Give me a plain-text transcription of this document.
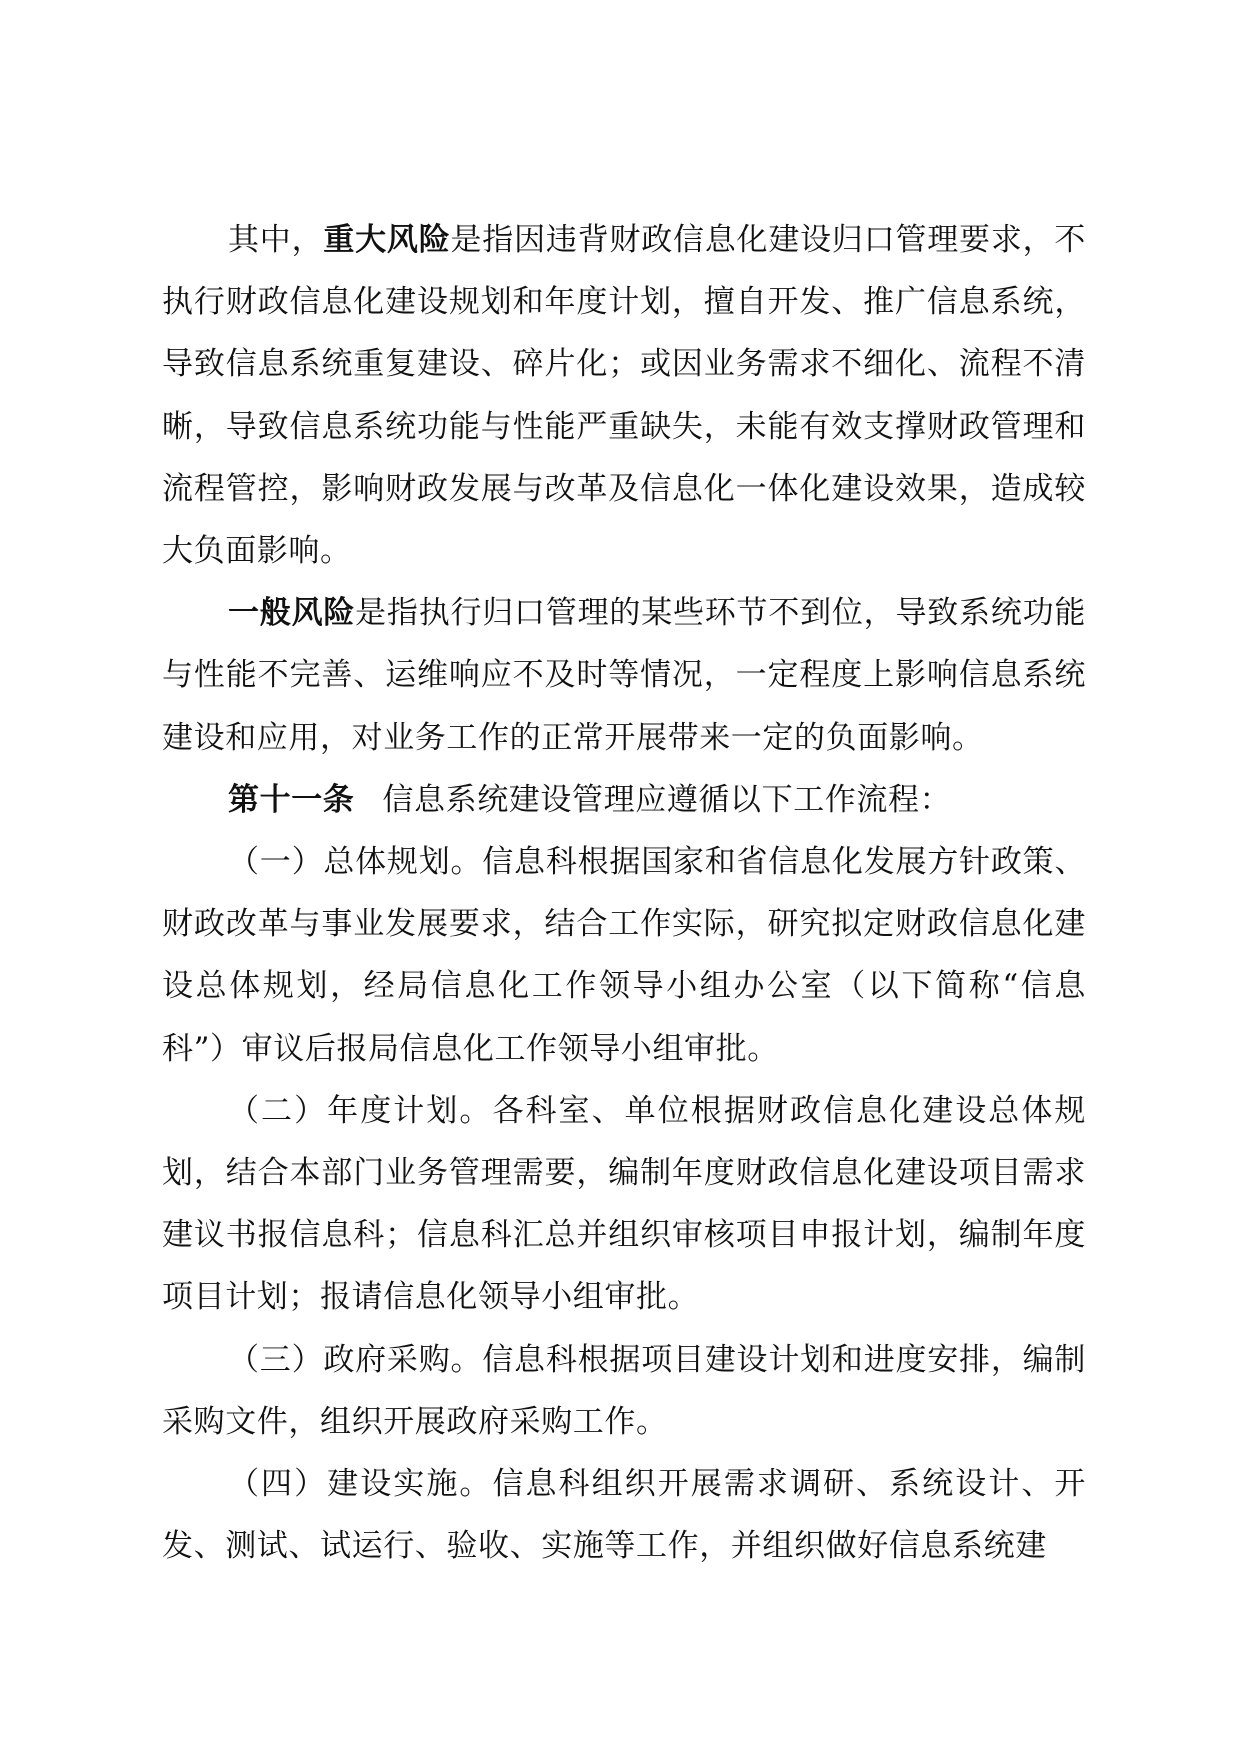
其中，重大风险是指因违背财政信息化建设归口管理要求，不执行财政信息化建设规划和年度计划，擅自开发、推广信息系统，导致信息系统重复建设、碎片化；或因业务需求不细化、流程不清晰，导致信息系统功能与性能严重缺失，未能有效支撑财政管理和流程管控，影响财政发展与改革及信息化一体化建设效果，造成较大负面影响。

一般风险是指执行归口管理的某些环节不到位，导致系统功能与性能不完善、运维响应不及时等情况，一定程度上影响信息系统建设和应用，对业务工作的正常开展带来一定的负面影响。

第十一条 信息系统建设管理应遵循以下工作流程：

（一）总体规划。信息科根据国家和省信息化发展方针政策、财政改革与事业发展要求，结合工作实际，研究拟定财政信息化建设总体规划，经局信息化工作领导小组办公室（以下简称“信息科”）审议后报局信息化工作领导小组审批。

（二）年度计划。各科室、单位根据财政信息化建设总体规划，结合本部门业务管理需要，编制年度财政信息化建设项目需求建议书报信息科；信息科汇总并组织审核项目申报计划，编制年度项目计划；报请信息化领导小组审批。

（三）政府采购。信息科根据项目建设计划和进度安排，编制采购文件，组织开展政府采购工作。

（四）建设实施。信息科组织开展需求调研、系统设计、开发、测试、试运行、验收、实施等工作，并组织做好信息系统建
